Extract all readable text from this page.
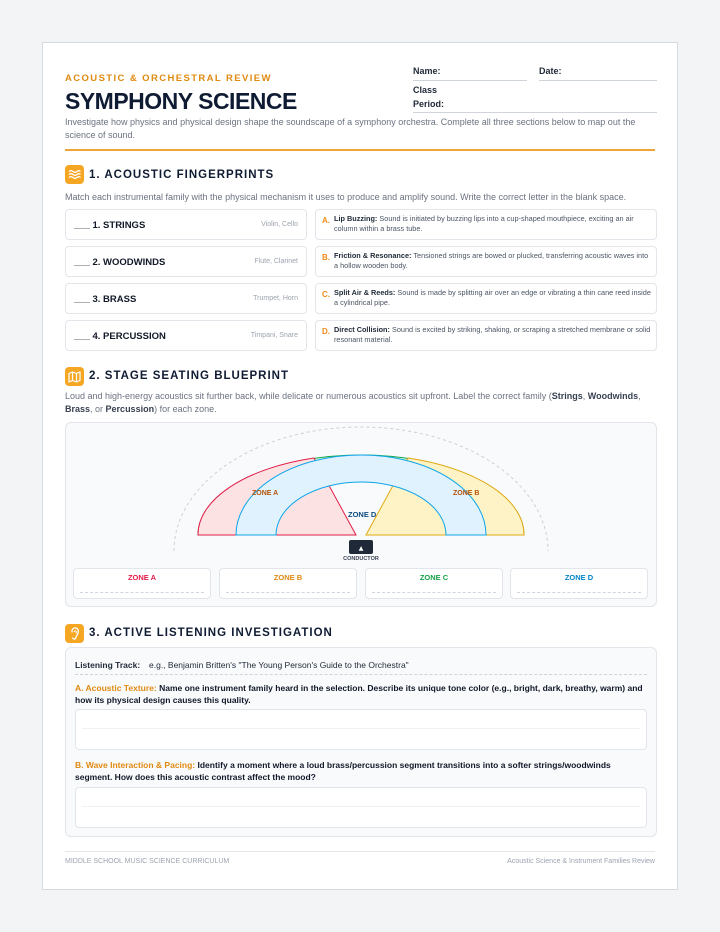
ACOUSTIC & ORCHESTRAL REVIEW
SYMPHONY SCIENCE
Name:	Date:
Class
Period:
Investigate how physics and physical design shape the soundscape of a symphony orchestra. Complete all three sections below to map out the science of sound.
1. ACOUSTIC FINGERPRINTS
Match each instrumental family with the physical mechanism it uses to produce and amplify sound. Write the correct letter in the blank space.
___ 1. STRINGS	Violin, Cello
___ 2. WOODWINDS	Flute, Clarinet
___ 3. BRASS	Trumpet, Horn
___ 4. PERCUSSION	Timpani, Snare
A. Lip Buzzing: Sound is initiated by buzzing lips into a cup-shaped mouthpiece, exciting an air column within a brass tube.
B. Friction & Resonance: Tensioned strings are bowed or plucked, transferring acoustic waves into a hollow wooden body.
C. Split Air & Reeds: Sound is made by splitting air over an edge or vibrating a thin cane reed inside a cylindrical pipe.
D. Direct Collision: Sound is excited by striking, shaking, or scraping a stretched membrane or solid resonant material.
2. STAGE SEATING BLUEPRINT
Loud and high-energy acoustics sit further back, while delicate or numerous acoustics sit upfront. Label the correct family (Strings, Woodwinds, Brass, or Percussion) for each zone.
ZONE A	ZONE B
ZONE D
▲
CONDUCTOR
ZONE A	ZONE B	ZONE C	ZONE D
3. ACTIVE LISTENING INVESTIGATION
Listening Track: e.g., Benjamin Britten's "The Young Person's Guide to the Orchestra"
A. Acoustic Texture: Name one instrument family heard in the selection. Describe its unique tone color (e.g., bright, dark, breathy, warm) and how its physical design causes this quality.
B. Wave Interaction & Pacing: Identify a moment where a loud brass/percussion segment transitions into a softer strings/woodwinds segment. How does this acoustic contrast affect the mood?
MIDDLE SCHOOL MUSIC SCIENCE CURRICULUM	Acoustic Science & Instrument Families Review
